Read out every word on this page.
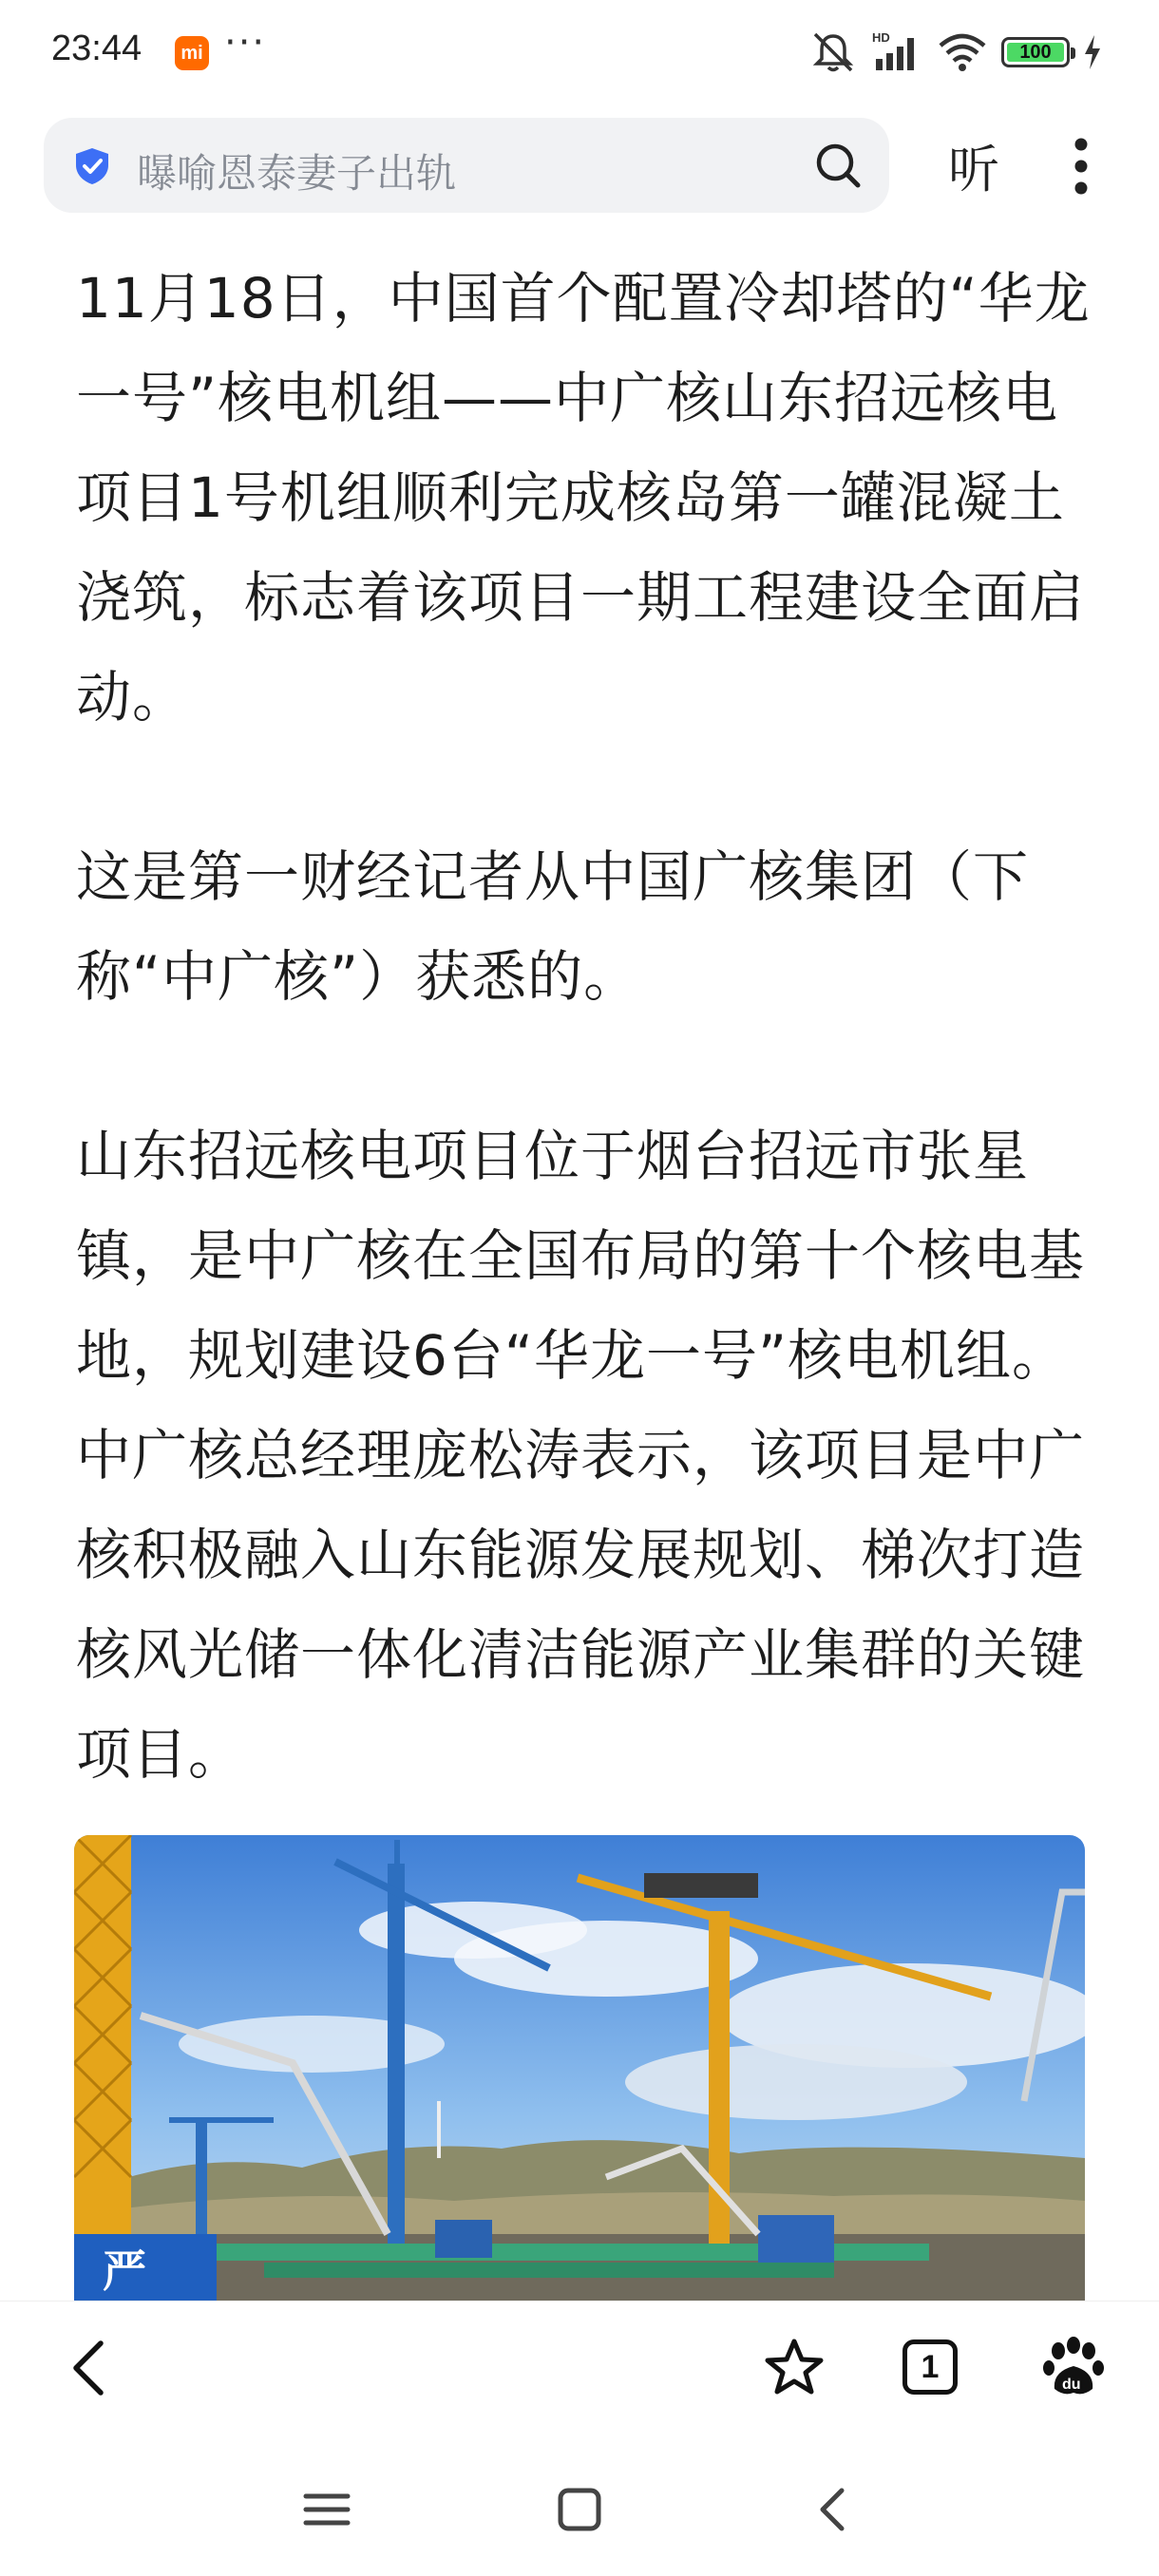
23:44	mi ···	HD
100
曝喻恩泰妻子出轨	听

11月18日，中国首个配置冷却塔的“华龙一号”核电机组——中广核山东招远核电项目1号机组顺利完成核岛第一罐混凝土浇筑，标志着该项目一期工程建设全面启动。

这是第一财经记者从中国广核集团（下称“中广核”）获悉的。

山东招远核电项目位于烟台招远市张星镇，是中广核在全国布局的第十个核电基地，规划建设6台“华龙一号”核电机组。中广核总经理庞松涛表示，该项目是中广核积极融入山东能源发展规划、梯次打造核风光储一体化清洁能源产业集群的关键项目。

严
1	du
